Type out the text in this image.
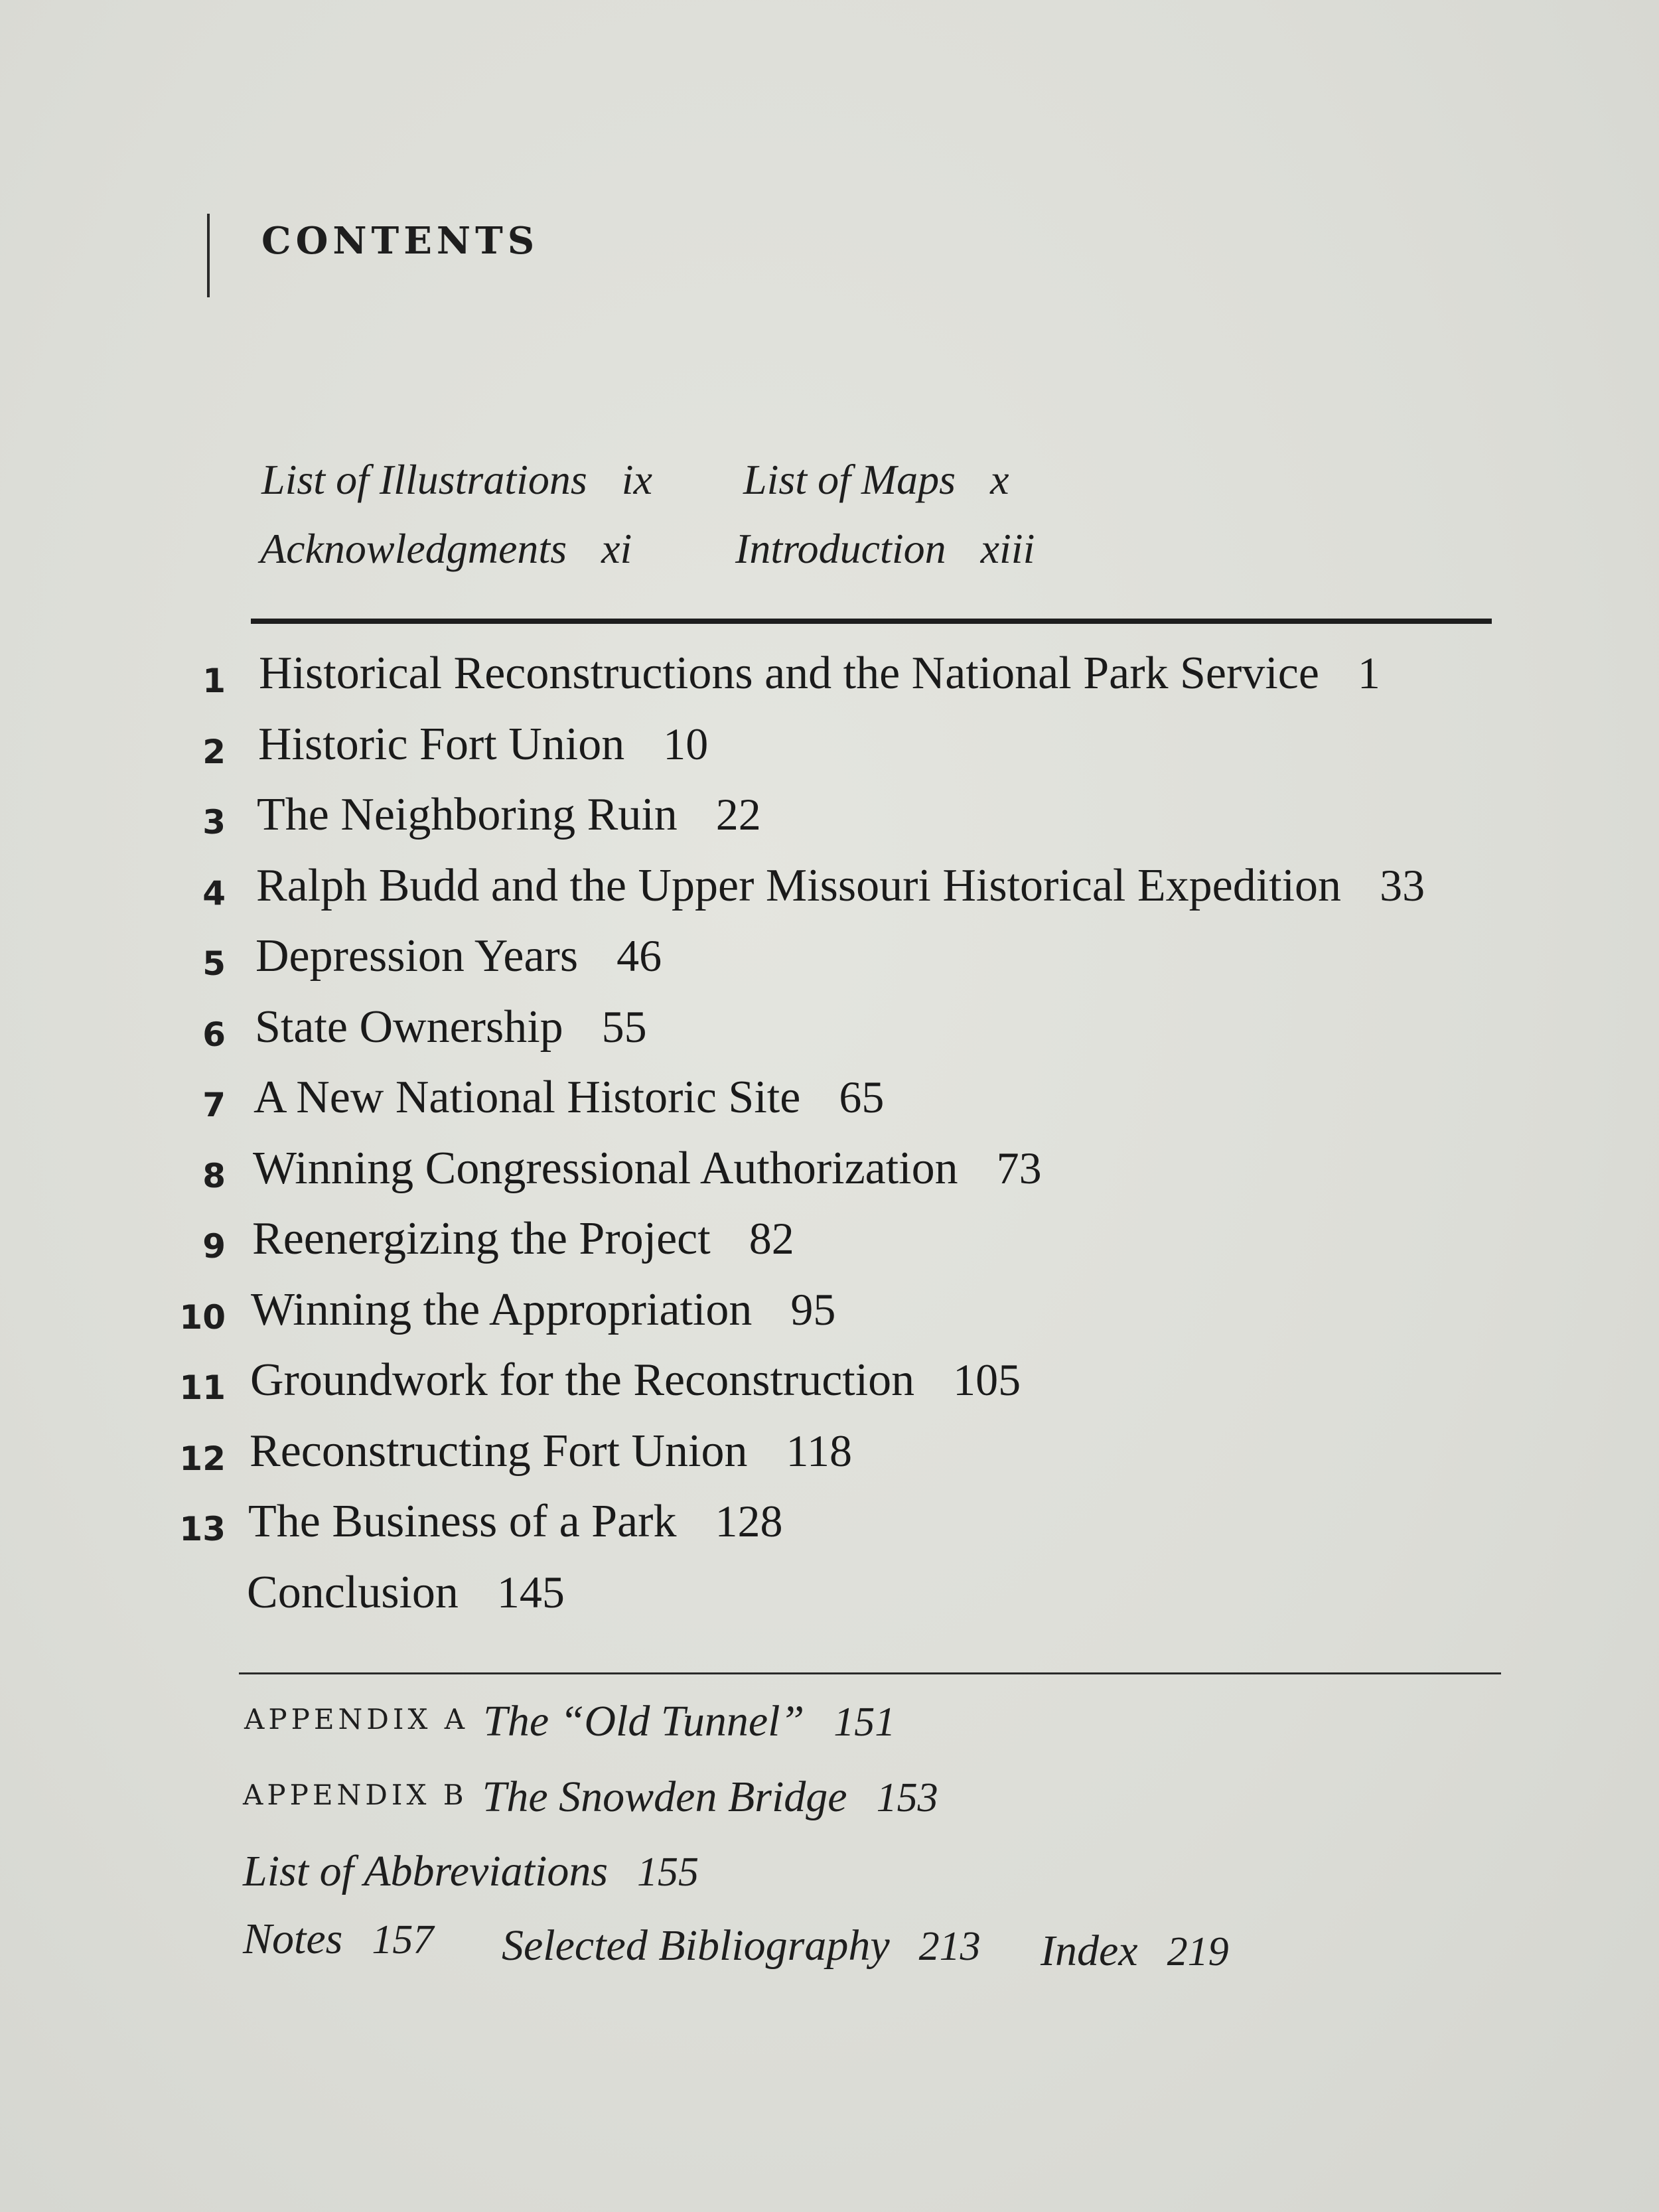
CONTENTS
List of Illustrations ix List of Maps x
Acknowledgments xi Introduction xiii
1 Historical Reconstructions and the National Park Service 1
2 Historic Fort Union 10
3 The Neighboring Ruin 22
4 Ralph Budd and the Upper Missouri Historical Expedition 33
5 Depression Years 46
6 State Ownership 55
7 A New National Historic Site 65
8 Winning Congressional Authorization 73
9 Reenergizing the Project 82
10 Winning the Appropriation 95
11 Groundwork for the Reconstruction 105
12 Reconstructing Fort Union 118
13 The Business of a Park 128
Conclusion 145
APPENDIX A The “Old Tunnel” 151
APPENDIX B The Snowden Bridge 153
List of Abbreviations 155
Notes 157 Selected Bibliography 213 Index 219
